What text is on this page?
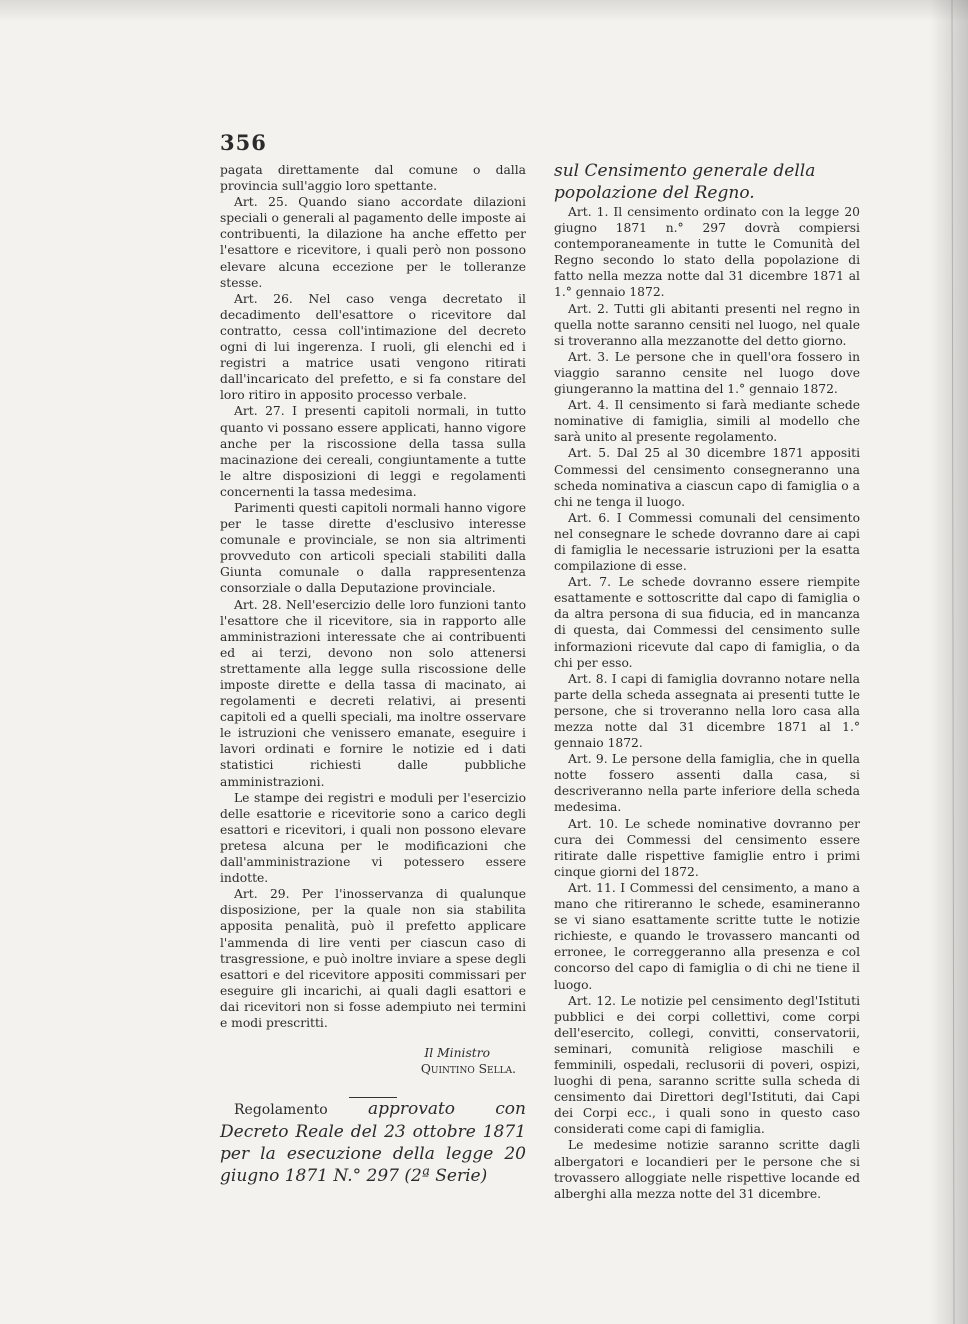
356

pagata direttamente dal comune o dalla provincia sull'aggio loro spettante.

Art. 25. Quando siano accordate dilazioni speciali o generali al pagamento delle imposte ai contribuenti, la dilazione ha anche effetto per l'esattore e ricevitore, i quali però non possono elevare alcuna eccezione per le tolleranze stesse.

Art. 26. Nel caso venga decretato il decadimento dell'esattore o ricevitore dal contratto, cessa coll'intimazione del decreto ogni di lui ingerenza. I ruoli, gli elenchi ed i registri a matrice usati vengono ritirati dall'incaricato del prefetto, e si fa constare del loro ritiro in apposito processo verbale.

Art. 27. I presenti capitoli normali, in tutto quanto vi possano essere applicati, hanno vigore anche per la riscossione della tassa sulla macinazione dei cereali, congiuntamente a tutte le altre disposizioni di leggi e regolamenti concernenti la tassa medesima.

Parimenti questi capitoli normali hanno vigore per le tasse dirette d'esclusivo interesse comunale e provinciale, se non sia altrimenti provveduto con articoli speciali stabiliti dalla Giunta comunale o dalla rappresentenza consorziale o dalla Deputazione provinciale.

Art. 28. Nell'esercizio delle loro funzioni tanto l'esattore che il ricevitore, sia in rapporto alle amministrazioni interessate che ai contribuenti ed ai terzi, devono non solo attenersi strettamente alla legge sulla riscossione delle imposte dirette e della tassa di macinato, ai regolamenti e decreti relativi, ai presenti capitoli ed a quelli speciali, ma inoltre osservare le istruzioni che venissero emanate, eseguire i lavori ordinati e fornire le notizie ed i dati statistici richiesti dalle pubbliche amministrazioni.

Le stampe dei registri e moduli per l'esercizio delle esattorie e ricevitorie sono a carico degli esattori e ricevitori, i quali non possono elevare pretesa alcuna per le modificazioni che dall'amministrazione vi potessero essere indotte.

Art. 29. Per l'inosservanza di qualunque disposizione, per la quale non sia stabilita apposita penalità, può il prefetto applicare l'ammenda di lire venti per ciascun caso di trasgressione, e può inoltre inviare a spese degli esattori e del ricevitore appositi commissari per eseguire gli incarichi, ai quali dagli esattori e dai ricevitori non si fosse adempiuto nei termini e modi prescritti.

Il Ministro

Quintino Sella.

Regolamento approvato con Decreto Reale del 23 ottobre 1871 per la esecuzione della legge 20 giugno 1871 N.° 297 (2ª Serie)

sul Censimento generale della popolazione del Regno.

Art. 1. Il censimento ordinato con la legge 20 giugno 1871 n.° 297 dovrà compiersi contemporaneamente in tutte le Comunità del Regno secondo lo stato della popolazione di fatto nella mezza notte dal 31 dicembre 1871 al 1.° gennaio 1872.

Art. 2. Tutti gli abitanti presenti nel regno in quella notte saranno censiti nel luogo, nel quale si troveranno alla mezzanotte del detto giorno.

Art. 3. Le persone che in quell'ora fossero in viaggio saranno censite nel luogo dove giungeranno la mattina del 1.° gennaio 1872.

Art. 4. Il censimento si farà mediante schede nominative di famiglia, simili al modello che sarà unito al presente regolamento.

Art. 5. Dal 25 al 30 dicembre 1871 appositi Commessi del censimento consegneranno una scheda nominativa a ciascun capo di famiglia o a chi ne tenga il luogo.

Art. 6. I Commessi comunali del censimento nel consegnare le schede dovranno dare ai capi di famiglia le necessarie istruzioni per la esatta compilazione di esse.

Art. 7. Le schede dovranno essere riempite esattamente e sottoscritte dal capo di famiglia o da altra persona di sua fiducia, ed in mancanza di questa, dai Commessi del censimento sulle informazioni ricevute dal capo di famiglia, o da chi per esso.

Art. 8. I capi di famiglia dovranno notare nella parte della scheda assegnata ai presenti tutte le persone, che si troveranno nella loro casa alla mezza notte dal 31 dicembre 1871 al 1.° gennaio 1872.

Art. 9. Le persone della famiglia, che in quella notte fossero assenti dalla casa, si descriveranno nella parte inferiore della scheda medesima.

Art. 10. Le schede nominative dovranno per cura dei Commessi del censimento essere ritirate dalle rispettive famiglie entro i primi cinque giorni del 1872.

Art. 11. I Commessi del censimento, a mano a mano che ritireranno le schede, esamineranno se vi siano esattamente scritte tutte le notizie richieste, e quando le trovassero mancanti od erronee, le correggeranno alla presenza e col concorso del capo di famiglia o di chi ne tiene il luogo.

Art. 12. Le notizie pel censimento degl'Istituti pubblici e dei corpi collettivi, come corpi dell'esercito, collegi, convitti, conservatorii, seminari, comunità religiose maschili e femminili, ospedali, reclusorii di poveri, ospizi, luoghi di pena, saranno scritte sulla scheda di censimento dai Direttori degl'Istituti, dai Capi dei Corpi ecc., i quali sono in questo caso considerati come capi di famiglia.

Le medesime notizie saranno scritte dagli albergatori e locandieri per le persone che si trovassero alloggiate nelle rispettive locande ed alberghi alla mezza notte del 31 dicembre.
